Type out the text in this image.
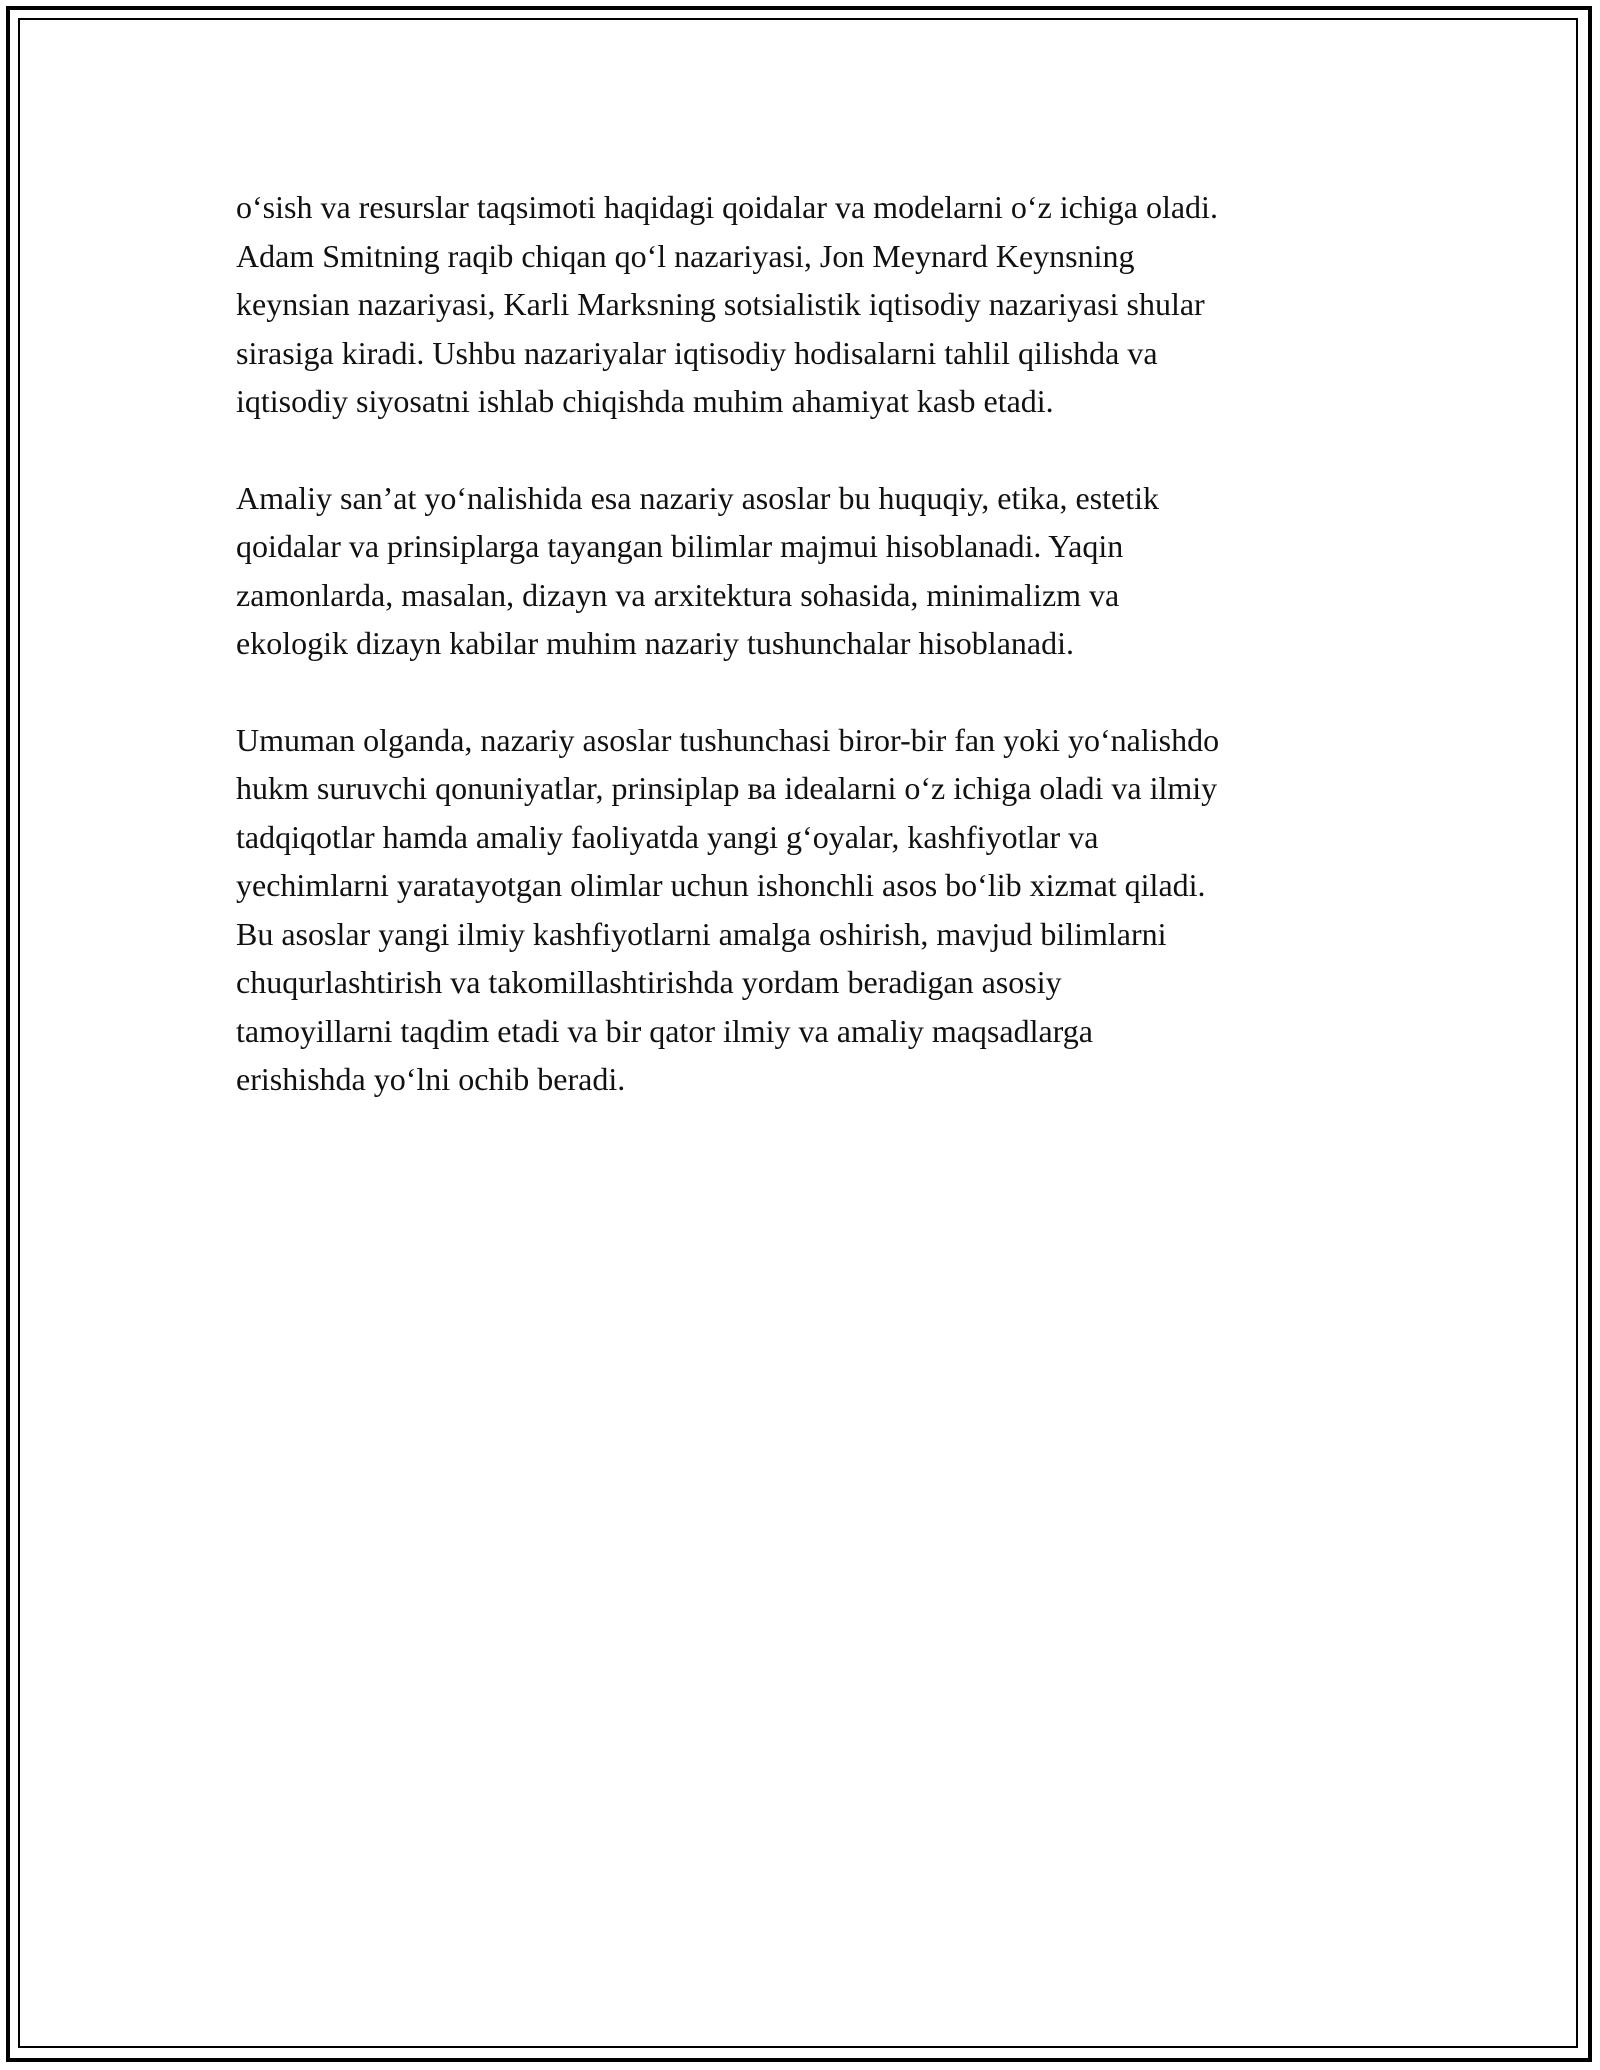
o‘sish va resurslar taqsimoti haqidagi qoidalar va modelarni o‘z ichiga oladi.
Adam Smitning raqib chiqan qo‘l nazariyasi, Jon Meynard Keynsning
keynsian nazariyasi, Karli Marksning sotsialistik iqtisodiy nazariyasi shular
sirasiga kiradi. Ushbu nazariyalar iqtisodiy hodisalarni tahlil qilishda va
iqtisodiy siyosatni ishlab chiqishda muhim ahamiyat kasb etadi.

Amaliy san’at yo‘nalishida esa nazariy asoslar bu huquqiy, etika, estetik
qoidalar va prinsiplarga tayangan bilimlar majmui hisoblanadi. Yaqin
zamonlarda, masalan, dizayn va arxitektura sohasida, minimalizm va
ekologik dizayn kabilar muhim nazariy tushunchalar hisoblanadi.

Umuman olganda, nazariy asoslar tushunchasi biror-bir fan yoki yo‘nalishdo
hukm suruvchi qonuniyatlar, prinsiplap ва idealarni o‘z ichiga oladi va ilmiy
tadqiqotlar hamda amaliy faoliyatda yangi g‘oyalar, kashfiyotlar va
yechimlarni yaratayotgan olimlar uchun ishonchli asos bo‘lib xizmat qiladi.
Bu asoslar yangi ilmiy kashfiyotlarni amalga oshirish, mavjud bilimlarni
chuqurlashtirish va takomillashtirishda yordam beradigan asosiy
tamoyillarni taqdim etadi va bir qator ilmiy va amaliy maqsadlarga
erishishda yo‘lni ochib beradi.
